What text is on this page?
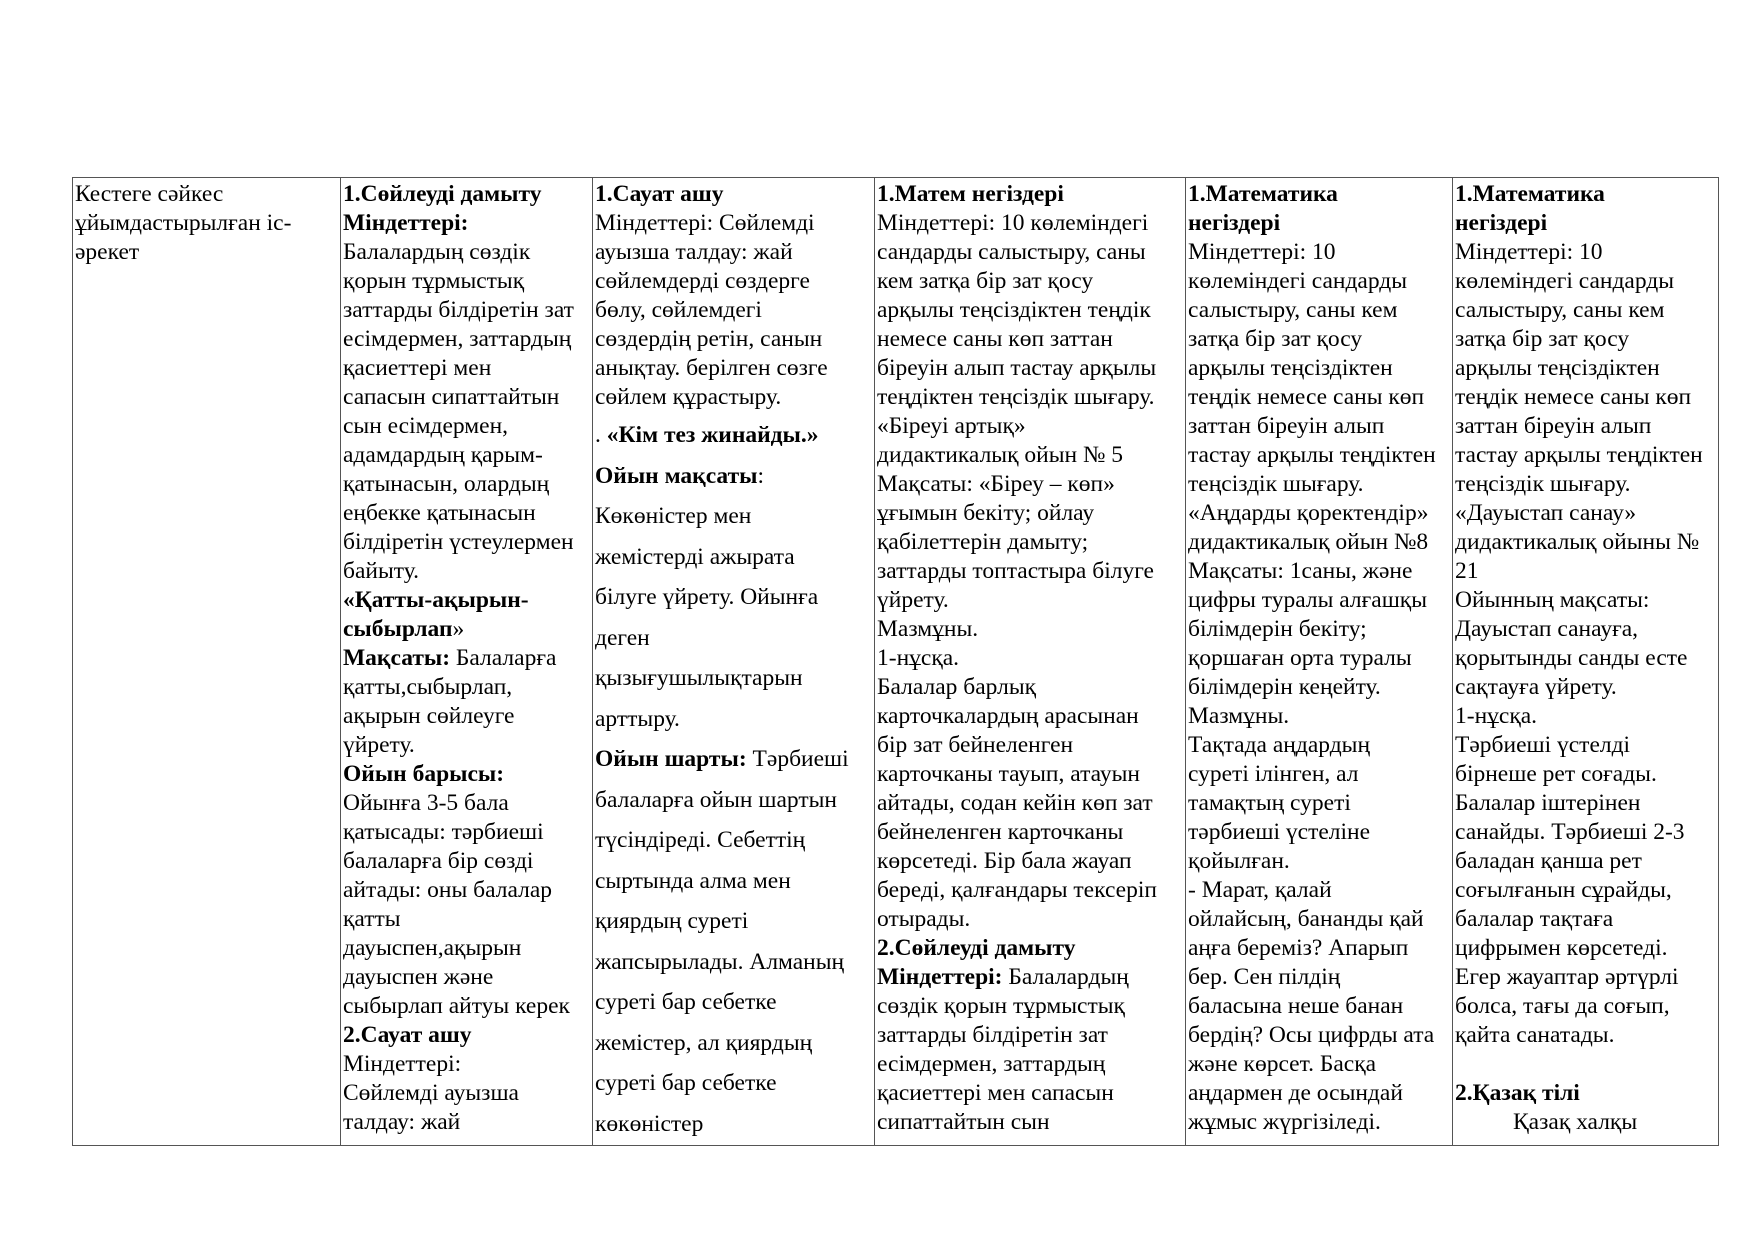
Кестеге сәйкес
ұйымдастырылған іс-
әрекет
1.Сөйлеуді дамыту
Міндеттері:
Балалардың сөздік
қорын тұрмыстық
заттарды білдіретін зат
есімдермен, заттардың
қасиеттері мен
сапасын сипаттайтын
сын есімдермен,
адамдардың қарым-
қатынасын, олардың
еңбекке қатынасын
білдіретін үстеулермен
байыту.
«Қатты-ақырын-
сыбырлап»
Мақсаты: Балаларға
қатты,сыбырлап,
ақырын сөйлеуге
үйрету.
Ойын барысы:
Ойынға 3-5 бала
қатысады: тәрбиеші
балаларға бір сөзді
айтады: оны балалар
қатты
дауыспен,ақырын
дауыспен және
сыбырлап айтуы керек
2.Сауат ашу
Міндеттері:
Сөйлемді ауызша
талдау: жай
1.Сауат ашу
Міндеттері: Сөйлемді
ауызша талдау: жай
сөйлемдерді сөздерге
бөлу, сөйлемдегі
сөздердің ретін, санын
анықтау. берілген сөзге
сөйлем құрастыру.
. «Кім тез жинайды.»
Ойын мақсаты:
Көкөністер мен
жемістерді ажырата
білуге үйрету. Ойынға
деген
қызығушылықтарын
арттыру.
Ойын шарты: Тәрбиеші
балаларға ойын шартын
түсіндіреді. Себеттің
сыртында алма мен
қиярдың суреті
жапсырылады. Алманың
суреті бар себетке
жемістер, ал қиярдың
суреті бар себетке
көкөністер
1.Матем негіздері
Міндеттері: 10 көлеміндегі
сандарды салыстыру, саны
кем затқа бір зат қосу
арқылы теңсіздіктен теңдік
немесе саны көп заттан
біреуін алып тастау арқылы
теңдіктен теңсіздік шығару.
«Біреуі артық»
дидактикалық ойын № 5
Мақсаты: «Біреу – көп»
ұғымын бекіту; ойлау
қабілеттерін дамыту;
заттарды топтастыра білуге
үйрету.
Мазмұны.
1-нұсқа.
Балалар барлық
карточкалардың арасынан
бір зат бейнеленген
карточканы тауып, атауын
айтады, содан кейін көп зат
бейнеленген карточканы
көрсетеді. Бір бала жауап
береді, қалғандары тексеріп
отырады.
2.Сөйлеуді дамыту
Міндеттері: Балалардың
сөздік қорын тұрмыстық
заттарды білдіретін зат
есімдермен, заттардың
қасиеттері мен сапасын
сипаттайтын сын
1.Математика
негіздері
Міндеттері: 10
көлеміндегі сандарды
салыстыру, саны кем
затқа бір зат қосу
арқылы теңсіздіктен
теңдік немесе саны көп
заттан біреуін алып
тастау арқылы теңдіктен
теңсіздік шығару.
«Аңдарды қоректендір»
дидактикалық ойын №8
Мақсаты: 1саны, және
цифры туралы алғашқы
білімдерін бекіту;
қоршаған орта туралы
білімдерін кеңейту.
Мазмұны.
Тақтада аңдардың
суреті ілінген, ал
тамақтың суреті
тәрбиеші үстеліне
қойылған.
- Марат, қалай
ойлайсың, бананды қай
аңға береміз? Апарып
бер. Сен пілдің
баласына неше банан
бердің? Осы цифрды ата
және көрсет. Басқа
аңдармен де осындай
жұмыс жүргізіледі.
1.Математика
негіздері
Міндеттері: 10
көлеміндегі сандарды
салыстыру, саны кем
затқа бір зат қосу
арқылы теңсіздіктен
теңдік немесе саны көп
заттан біреуін алып
тастау арқылы теңдіктен
теңсіздік шығару.
«Дауыстап санау»
дидактикалық ойыны №
21
Ойынның мақсаты:
Дауыстап санауға,
қорытынды санды есте
сақтауға үйрету.
1-нұсқа.
Тәрбиеші үстелді
бірнеше рет соғады.
Балалар іштерінен
санайды. Тәрбиеші 2-3
баладан қанша рет
соғылғанын сұрайды,
балалар тақтаға
цифрымен көрсетеді.
Егер жауаптар әртүрлі
болса, тағы да соғып,
қайта санатады.
2.Қазақ тілі
Қазақ халқы
